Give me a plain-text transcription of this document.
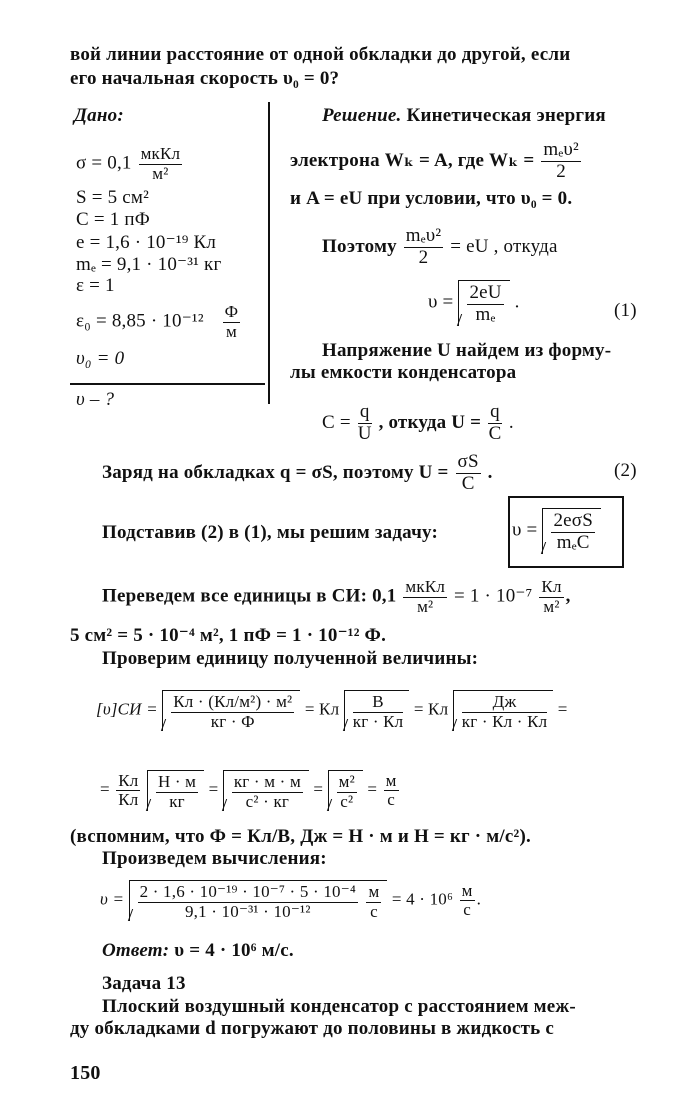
вой линии расстояние от одной обкладки до другой, если
его начальная скорость υ₀ = 0?
Дано:
$\sigma = 0,1 \frac{\text{мкКл}}{\text{м²}}$
S = 5 см²
C = 1 пФ
e = 1,6 · 10⁻¹⁹ Кл
mₑ = 9,1 · 10⁻³¹ кг
ε = 1
$\varepsilon_0 = 8,85 \cdot 10^{-12} \frac{Ф}{м}$
υ₀ = 0
υ – ?
Решение. Кинетическая энергия
электрона Wₖ = A, где $W_k = \frac{\text{mₑυ²}}{2}$
и A = eU при условии, что υ₀ = 0.
Поэтому $\frac{\text{mₑυ²}}{2}$ = eU , откуда
$\upsilon = \frac{2eU}{\text{mₑ}}$ .	(1)
Напряжение U найдем из форму-
лы емкости конденсатора
$C = \frac{q}{U}$ , откуда $U = \frac{q}{C}$ .
Заряд на обкладках q = σS, поэтому $U = \frac{\sigma S}{C}$ .	(2)
Подставив (2) в (1), мы решим задачу:	$\upsilon = \frac{\text{2eσS}}{\text{mₑC}}$
Переведем все единицы в СИ: $0,1 \frac{\text{мкКл}}{\text{м²}} = 1 \cdot 10^{-7} \frac{Кл}{\text{м²}}$ ,
5 см² = 5 · 10⁻⁴ м², 1 пФ = 1 · 10⁻¹² Ф.
Проверим единицу полученной величины:
$[\upsilon]СИ = \frac{\text{Кл · (Кл/м²) · м²}}{кг \cdot Ф}$ = Кл $\frac{В}{кг \cdot Кл}$ = Кл $\frac{Дж}{кг \cdot Кл \cdot Кл}$ =
= $\frac{Кл}{Кл}$
$\frac{Н \cdot м}{кг} = \frac{кг \cdot м \cdot м}{\text{с² · кг}} = \frac{\text{м²}}{\text{с²}} = \frac{м}{с}$
(вспомним, что Ф = Кл/В, Дж = Н · м и Н = кг · м/с²).
Произведем вычисления:
$\upsilon = \frac{\text{2 · 1,6 · 10⁻¹⁹ · 10⁻⁷ · 5 · 10⁻⁴}}{\text{9,1 · 10⁻³¹ · 10⁻¹²}}$
$\frac{м}{с} = 4 \cdot 10^6 \frac{м}{с}$ .
Ответ: υ = 4 · 10⁶ м/с.
Задача 13
Плоский воздушный конденсатор с расстоянием меж-
ду обкладками d погружают до половины в жидкость с
150
